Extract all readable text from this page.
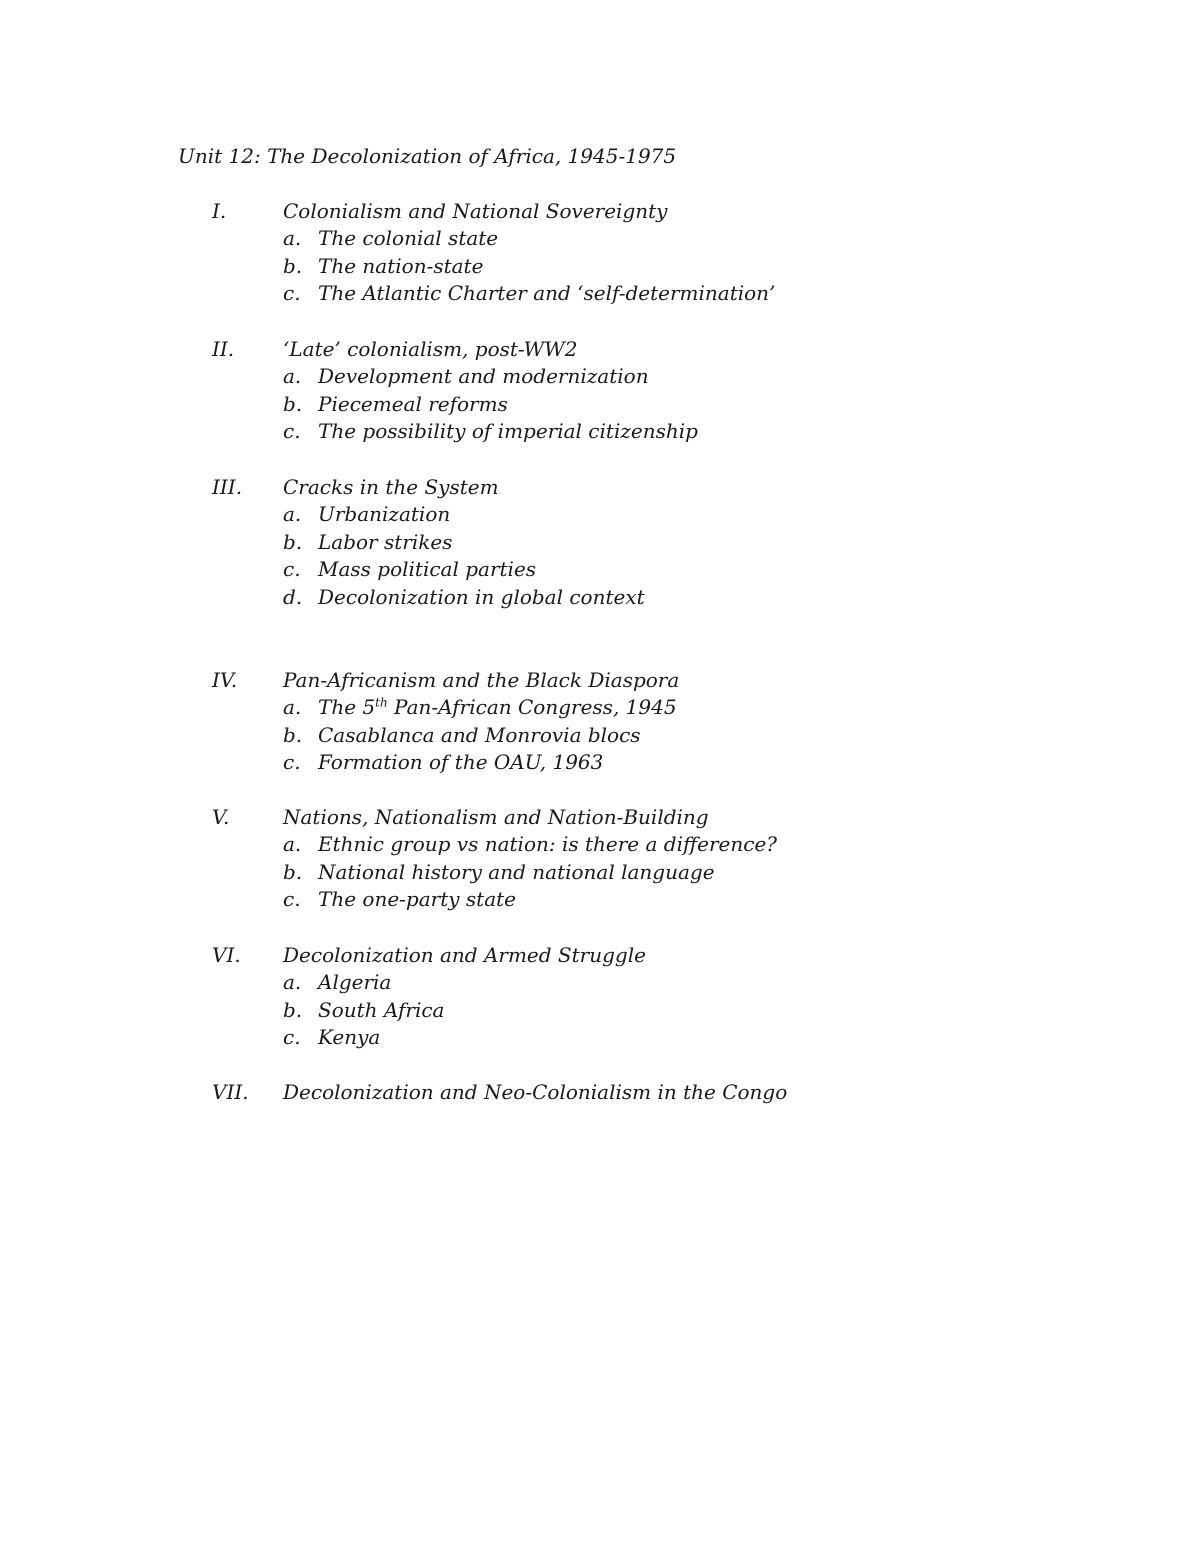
Unit 12: The Decolonization of Africa, 1945-1975
I.	Colonialism and National Sovereignty
a. The colonial state
b. The nation-state
c. The Atlantic Charter and ‘self-determination’
II. ‘Late’ colonialism, post-WW2
a. Development and modernization
b. Piecemeal reforms
c. The possibility of imperial citizenship
III. Cracks in the System
a. Urbanization
b. Labor strikes
c. Mass political parties
d. Decolonization in global context
IV. Pan-Africanism and the Black Diaspora
a. The 5th Pan-African Congress, 1945
b. Casablanca and Monrovia blocs
c. Formation of the OAU, 1963
V.	Nations, Nationalism and Nation-Building
a. Ethnic group vs nation: is there a difference?
b. National history and national language
c. The one-party state
VI. Decolonization and Armed Struggle
a. Algeria
b. South Africa
c. Kenya
VII. Decolonization and Neo-Colonialism in the Congo
